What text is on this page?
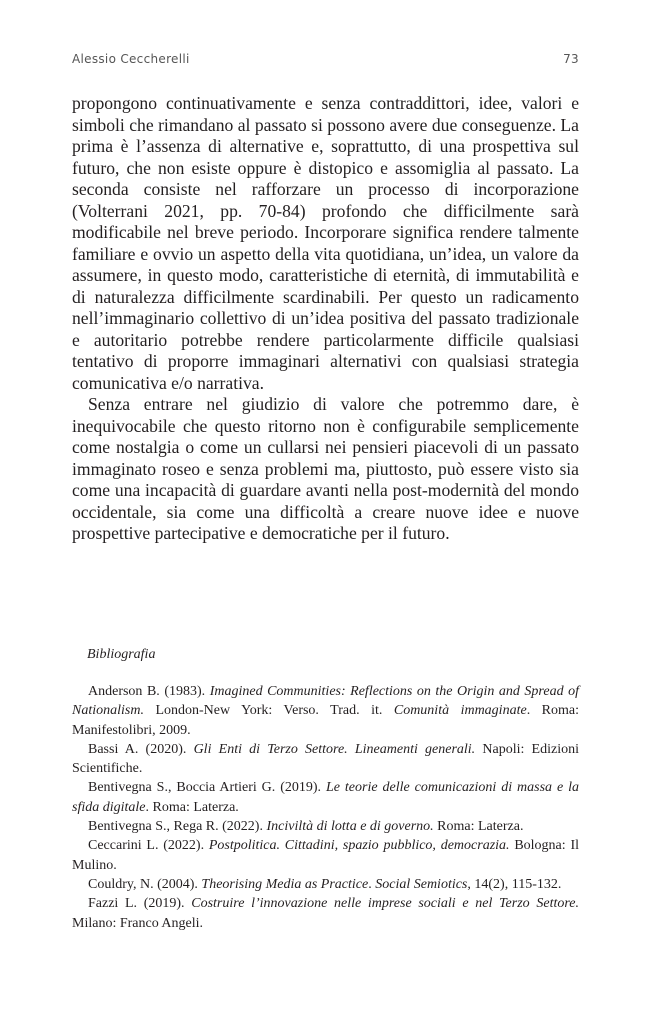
Alessio Ceccherelli	73

propongono continuativamente e senza contraddittori, idee, valori e simboli che rimandano al passato si possono avere due conseguenze. La prima è l’assenza di alternative e, soprattutto, di una prospettiva sul futuro, che non esiste oppure è distopico e assomiglia al passato. La seconda consiste nel rafforzare un processo di incorporazione (Volterrani 2021, pp. 70-84) profondo che difficilmente sarà modificabile nel breve periodo. Incorporare significa rendere talmente familiare e ovvio un aspetto della vita quotidiana, un’idea, un valore da assumere, in questo modo, caratteristiche di eternità, di immutabilità e di naturalezza difficilmente scardinabili. Per questo un radicamento nell’immaginario collettivo di un’idea positiva del passato tradizionale e autoritario potrebbe rendere particolarmente difficile qualsiasi tentativo di proporre immaginari alternativi con qualsiasi strategia comunicativa e/o narrativa.

Senza entrare nel giudizio di valore che potremmo dare, è inequivocabile che questo ritorno non è configurabile semplicemente come nostalgia o come un cullarsi nei pensieri piacevoli di un passato immaginato roseo e senza problemi ma, piuttosto, può essere visto sia come una incapacità di guardare avanti nella post-modernità del mondo occidentale, sia come una difficoltà a creare nuove idee e nuove prospettive partecipative e democratiche per il futuro.

Bibliografia

Anderson B. (1983). Imagined Communities: Reflections on the Origin and Spread of Nationalism. London-New York: Verso. Trad. it. Comunità immaginate. Roma: Manifestolibri, 2009.

Bassi A. (2020). Gli Enti di Terzo Settore. Lineamenti generali. Napoli: Edizioni Scientifiche.

Bentivegna S., Boccia Artieri G. (2019). Le teorie delle comunicazioni di massa e la sfida digitale. Roma: Laterza.

Bentivegna S., Rega R. (2022). Inciviltà di lotta e di governo. Roma: Laterza.

Ceccarini L. (2022). Postpolitica. Cittadini, spazio pubblico, democrazia. Bologna: Il Mulino.

Couldry, N. (2004). Theorising Media as Practice. Social Semiotics, 14(2), 115-132.

Fazzi L. (2019). Costruire l’innovazione nelle imprese sociali e nel Terzo Settore. Milano: Franco Angeli.
